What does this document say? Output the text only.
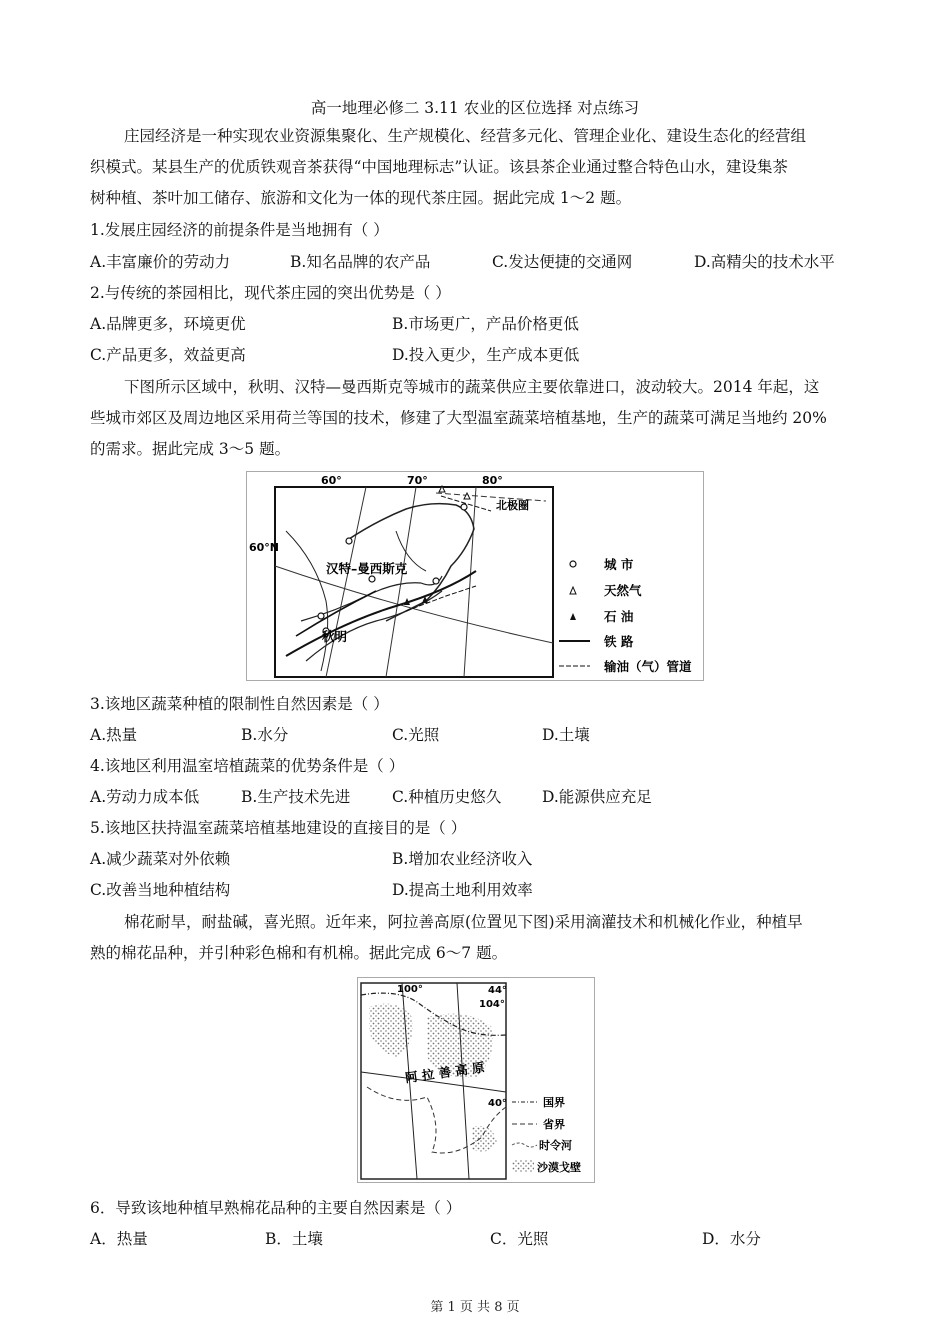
高一地理必修二 3.11 农业的区位选择 对点练习
庄园经济是一种实现农业资源集聚化、生产规模化、经营多元化、管理企业化、建设生态化的经营组
织模式。某县生产的优质铁观音茶获得“中国地理标志”认证。该县茶企业通过整合特色山水，建设集茶
树种植、茶叶加工储存、旅游和文化为一体的现代茶庄园。据此完成 1～2 题。
1.发展庄园经济的前提条件是当地拥有（ ）
A.丰富廉价的劳动力	B.知名品牌的农产品	C.发达便捷的交通网	D.高精尖的技术水平
2.与传统的茶园相比，现代茶庄园的突出优势是（ ）
A.品牌更多，环境更优	B.市场更广，产品价格更低
C.产品更多，效益更高	D.投入更少，生产成本更低
下图所示区域中，秋明、汉特—曼西斯克等城市的蔬菜供应主要依靠进口，波动较大。2014 年起，这
些城市郊区及周边地区采用荷兰等国的技术，修建了大型温室蔬菜培植基地，生产的蔬菜可满足当地约 20%
的需求。据此完成 3～5 题。
60°	70°	80°
60°N
北极圈
汉特–曼西斯克
秋明
城 市
天然气
石 油
铁 路
输油（气）管道
3.该地区蔬菜种植的限制性自然因素是（ ）
A.热量	B.水分	C.光照	D.土壤
4.该地区利用温室培植蔬菜的优势条件是（ ）
A.劳动力成本低	B.生产技术先进	C.种植历史悠久	D.能源供应充足
5.该地区扶持温室蔬菜培植基地建设的直接目的是（ ）
A.减少蔬菜对外依赖	B.增加农业经济收入
C.改善当地种植结构	D.提高土地利用效率
棉花耐旱，耐盐碱，喜光照。近年来，阿拉善高原(位置见下图)采用滴灌技术和机械化作业，种植早
熟的棉花品种，并引种彩色棉和有机棉。据此完成 6～7 题。
阿 拉 善 高 原
100°
104°
44°
40°	国界
省界
时令河
沙漠戈壁
6．导致该地种植早熟棉花品种的主要自然因素是（ ）
A．热量	B．土壤	C．光照	D．水分
第 1 页 共 8 页
